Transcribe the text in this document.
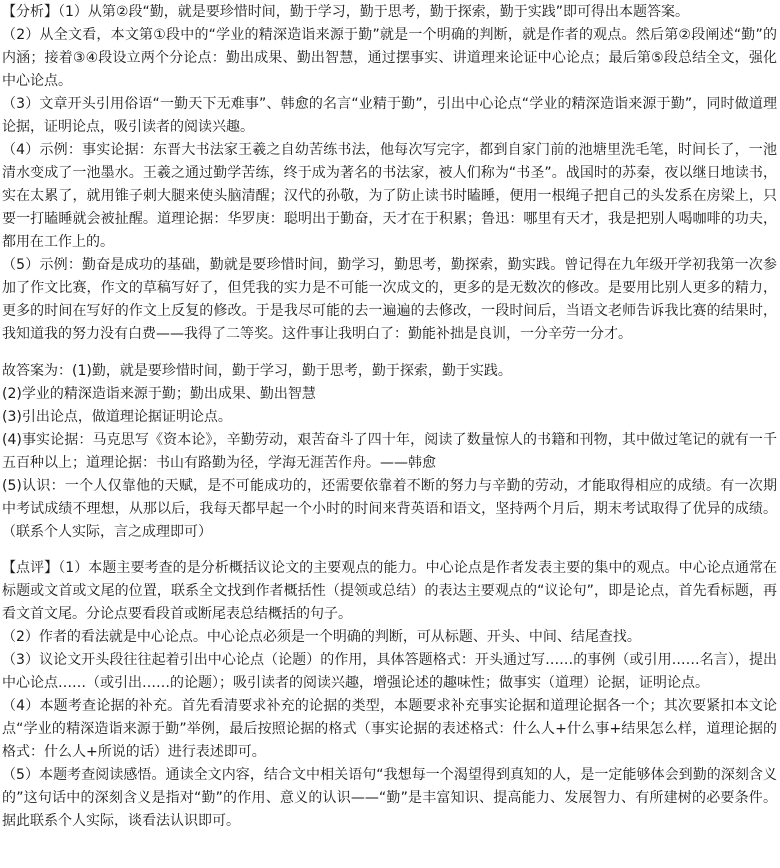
【分析】（1）从第②段“勤，就是要珍惜时间，勤于学习，勤于思考，勤于探索，勤于实践”即可得出本题答案。

（2）从全文看，本文第①段中的“学业的精深造诣来源于勤”就是一个明确的判断，就是作者的观点。然后第②段阐述“勤”的内涵；接着③④段设立两个分论点：勤出成果、勤出智慧，通过摆事实、讲道理来论证中心论点；最后第⑤段总结全文，强化中心论点。

（3）文章开头引用俗语“一勤天下无难事”、韩愈的名言“业精于勤”，引出中心论点“学业的精深造诣来源于勤”，同时做道理论据，证明论点，吸引读者的阅读兴趣。

（4）示例：事实论据：东晋大书法家王羲之自幼苦练书法，他每次写完字，都到自家门前的池塘里洗毛笔，时间长了，一池清水变成了一池墨水。王羲之通过勤学苦练，终于成为著名的书法家，被人们称为“书圣”。战国时的苏秦，夜以继日地读书，实在太累了，就用锥子刺大腿来使头脑清醒；汉代的孙敬，为了防止读书时瞌睡，便用一根绳子把自己的头发系在房梁上，只要一打瞌睡就会被扯醒。道理论据：华罗庚：聪明出于勤奋，天才在于积累；鲁迅：哪里有天才，我是把别人喝咖啡的功夫，都用在工作上的。

（5）示例：勤奋是成功的基础，勤就是要珍惜时间，勤学习，勤思考，勤探索，勤实践。曾记得在九年级开学初我第一次参加了作文比赛，作文的草稿写好了，但凭我的实力是不可能一次成文的，更多的是无数次的修改。是要用比别人更多的精力，更多的时间在写好的作文上反复的修改。于是我尽可能的去一遍遍的去修改，一段时间后，当语文老师告诉我比赛的结果时，我知道我的努力没有白费——我得了二等奖。这件事让我明白了：勤能补拙是良训，一分辛劳一分才。

故答案为：(1)勤，就是要珍惜时间，勤于学习，勤于思考，勤于探索，勤于实践。

(2)学业的精深造诣来源于勤；勤出成果、勤出智慧

(3)引出论点，做道理论据证明论点。

(4)事实论据：马克思写《资本论》，辛勤劳动，艰苦奋斗了四十年，阅读了数量惊人的书籍和刊物，其中做过笔记的就有一千五百种以上；道理论据：书山有路勤为径，学海无涯苦作舟。——韩愈

(5)认识：一个人仅靠他的天赋，是不可能成功的，还需要依靠着不断的努力与辛勤的劳动，才能取得相应的成绩。有一次期中考试成绩不理想，从那以后，我每天都早起一个小时的时间来背英语和语文，坚持两个月后，期末考试取得了优异的成绩。（联系个人实际，言之成理即可）

【点评】（1）本题主要考查的是分析概括议论文的主要观点的能力。中心论点是作者发表主要的集中的观点。中心论点通常在标题或文首或文尾的位置，联系全文找到作者概括性（提领或总结）的表达主要观点的“议论句”，即是论点，首先看标题，再看文首文尾。分论点要看段首或断尾表总结概括的句子。

（2）作者的看法就是中心论点。中心论点必须是一个明确的判断，可从标题、开头、中间、结尾查找。

（3）议论文开头段往往起着引出中心论点（论题）的作用，具体答题格式：开头通过写……的事例（或引用……名言），提出中心论点……（或引出……的论题）；吸引读者的阅读兴趣，增强论述的趣味性；做事实（道理）论据，证明论点。

（4）本题考查论据的补充。首先看清要求补充的论据的类型，本题要求补充事实论据和道理论据各一个；其次要紧扣本文论点“学业的精深造诣来源于勤”举例，最后按照论据的格式（事实论据的表述格式：什么人+什么事+结果怎么样，道理论据的格式：什么人+所说的话）进行表述即可。

（5）本题考查阅读感悟。通读全文内容，结合文中相关语句“我想每一个渴望得到真知的人，是一定能够体会到勤的深刻含义的”这句话中的深刻含义是指对“勤”的作用、意义的认识——“勤”是丰富知识、提高能力、发展智力、有所建树的必要条件。据此联系个人实际，谈看法认识即可。
